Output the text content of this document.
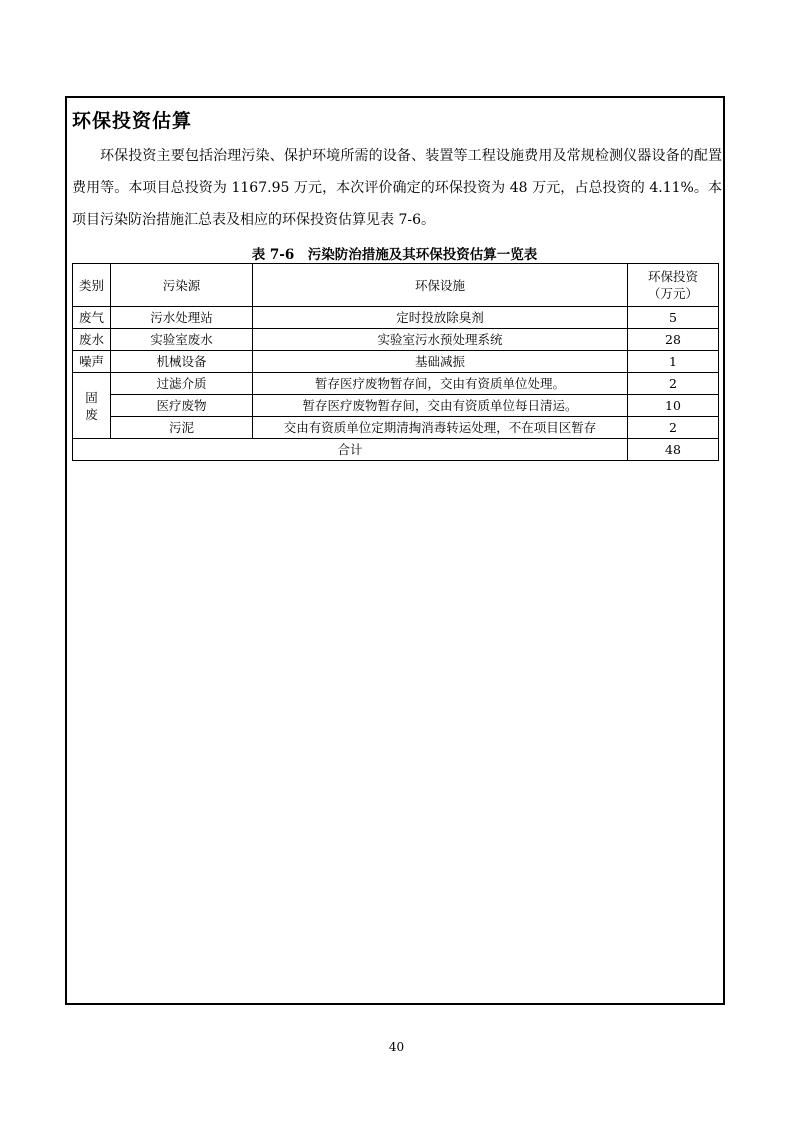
环保投资估算

环保投资主要包括治理污染、保护环境所需的设备、装置等工程设施费用及常规检测仪器设备的配置费用等。本项目总投资为 1167.95 万元，本次评价确定的环保投资为 48 万元，占总投资的 4.11%。本项目污染防治措施汇总表及相应的环保投资估算见表 7-6。

表 7-6　污染防治措施及其环保投资估算一览表
类别	污染源	环保设施	环保投资
（万元）

废气	污水处理站	定时投放除臭剂	5
废水	实验室废水	实验室污水预处理系统	28
噪声	机械设备	基础减振	1

固
废	过滤介质	暂存医疗废物暂存间，交由有资质单位处理。	2
	医疗废物	暂存医疗废物暂存间，交由有资质单位每日清运。	10
	污泥	交由有资质单位定期清掏消毒转运处理，不在项目区暂存	2
合计			48
40
